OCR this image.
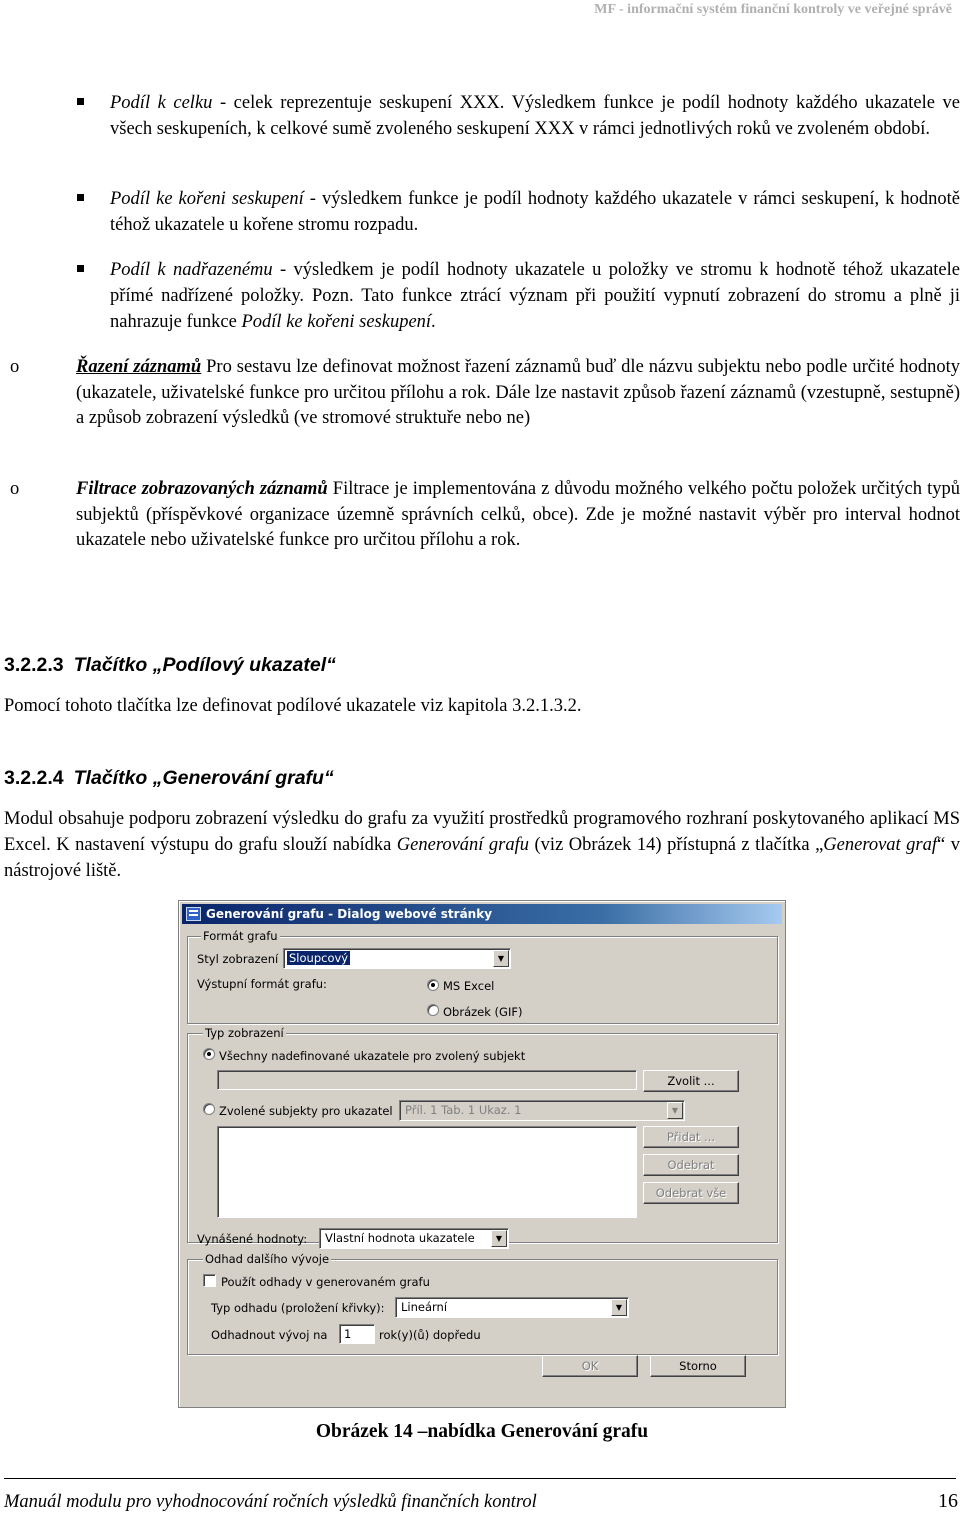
MF - informační systém finanční kontroly ve veřejné správě
Podíl k celku - celek reprezentuje seskupení XXX. Výsledkem funkce je podíl hodnoty každého ukazatele ve všech seskupeních, k celkové sumě zvoleného seskupení XXX v rámci jednotlivých roků ve zvoleném období.
Podíl ke kořeni seskupení - výsledkem funkce je podíl hodnoty každého ukazatele v rámci seskupení, k hodnotě téhož ukazatele u kořene stromu rozpadu.
Podíl k nadřazenému - výsledkem je podíl hodnoty ukazatele u položky ve stromu k hodnotě téhož ukazatele přímé nadřízené položky. Pozn. Tato funkce ztrácí význam při použití vypnutí zobrazení do stromu a plně ji nahrazuje funkce Podíl ke kořeni seskupení.
o	Řazení záznamů Pro sestavu lze definovat možnost řazení záznamů buď dle názvu subjektu nebo podle určité hodnoty (ukazatele, uživatelské funkce pro určitou přílohu a rok. Dále lze nastavit způsob řazení záznamů (vzestupně, sestupně) a způsob zobrazení výsledků (ve stromové struktuře nebo ne)
o	Filtrace zobrazovaných záznamů Filtrace je implementována z důvodu možného velkého počtu položek určitých typů subjektů (příspěvkové organizace územně správních celků, obce). Zde je možné nastavit výběr pro interval hodnot ukazatele nebo uživatelské funkce pro určitou přílohu a rok.
3.2.2.3 Tlačítko „Podílový ukazatel“
Pomocí tohoto tlačítka lze definovat podílové ukazatele viz kapitola 3.2.1.3.2.
3.2.2.4 Tlačítko „Generování grafu“
Modul obsahuje podporu zobrazení výsledku do grafu za využití prostředků programového rozhraní poskytovaného aplikací MS Excel. K nastavení výstupu do grafu slouží nabídka Generování grafu (viz Obrázek 14) přístupná z tlačítka „Generovat graf“ v nástrojové liště.
Generování grafu - Dialog webové stránky
Formát grafu
Styl zobrazení Sloupcový	▼
Výstupní formát grafu:	MS Excel
Obrázek (GIF)
Typ zobrazení
Všechny nadefinované ukazatele pro zvolený subjekt
Zvolit ...
Zvolené subjekty pro ukazatel Příl. 1 Tab. 1 Ukaz. 1	▼
Přidat ...
Odebrat
Odebrat vše
Vynášené hodnoty: Vlastní hodnota ukazatele	▼
Odhad dalšího vývoje
Použít odhady v generovaném grafu
Typ odhadu (proložení křivky): Lineární	▼
Odhadnout vývoj na	1	rok(y)(ů) dopředu
OK	Storno
Obrázek 14 –nabídka Generování grafu
Manuál modulu pro vyhodnocování ročních výsledků finančních kontrol	16
